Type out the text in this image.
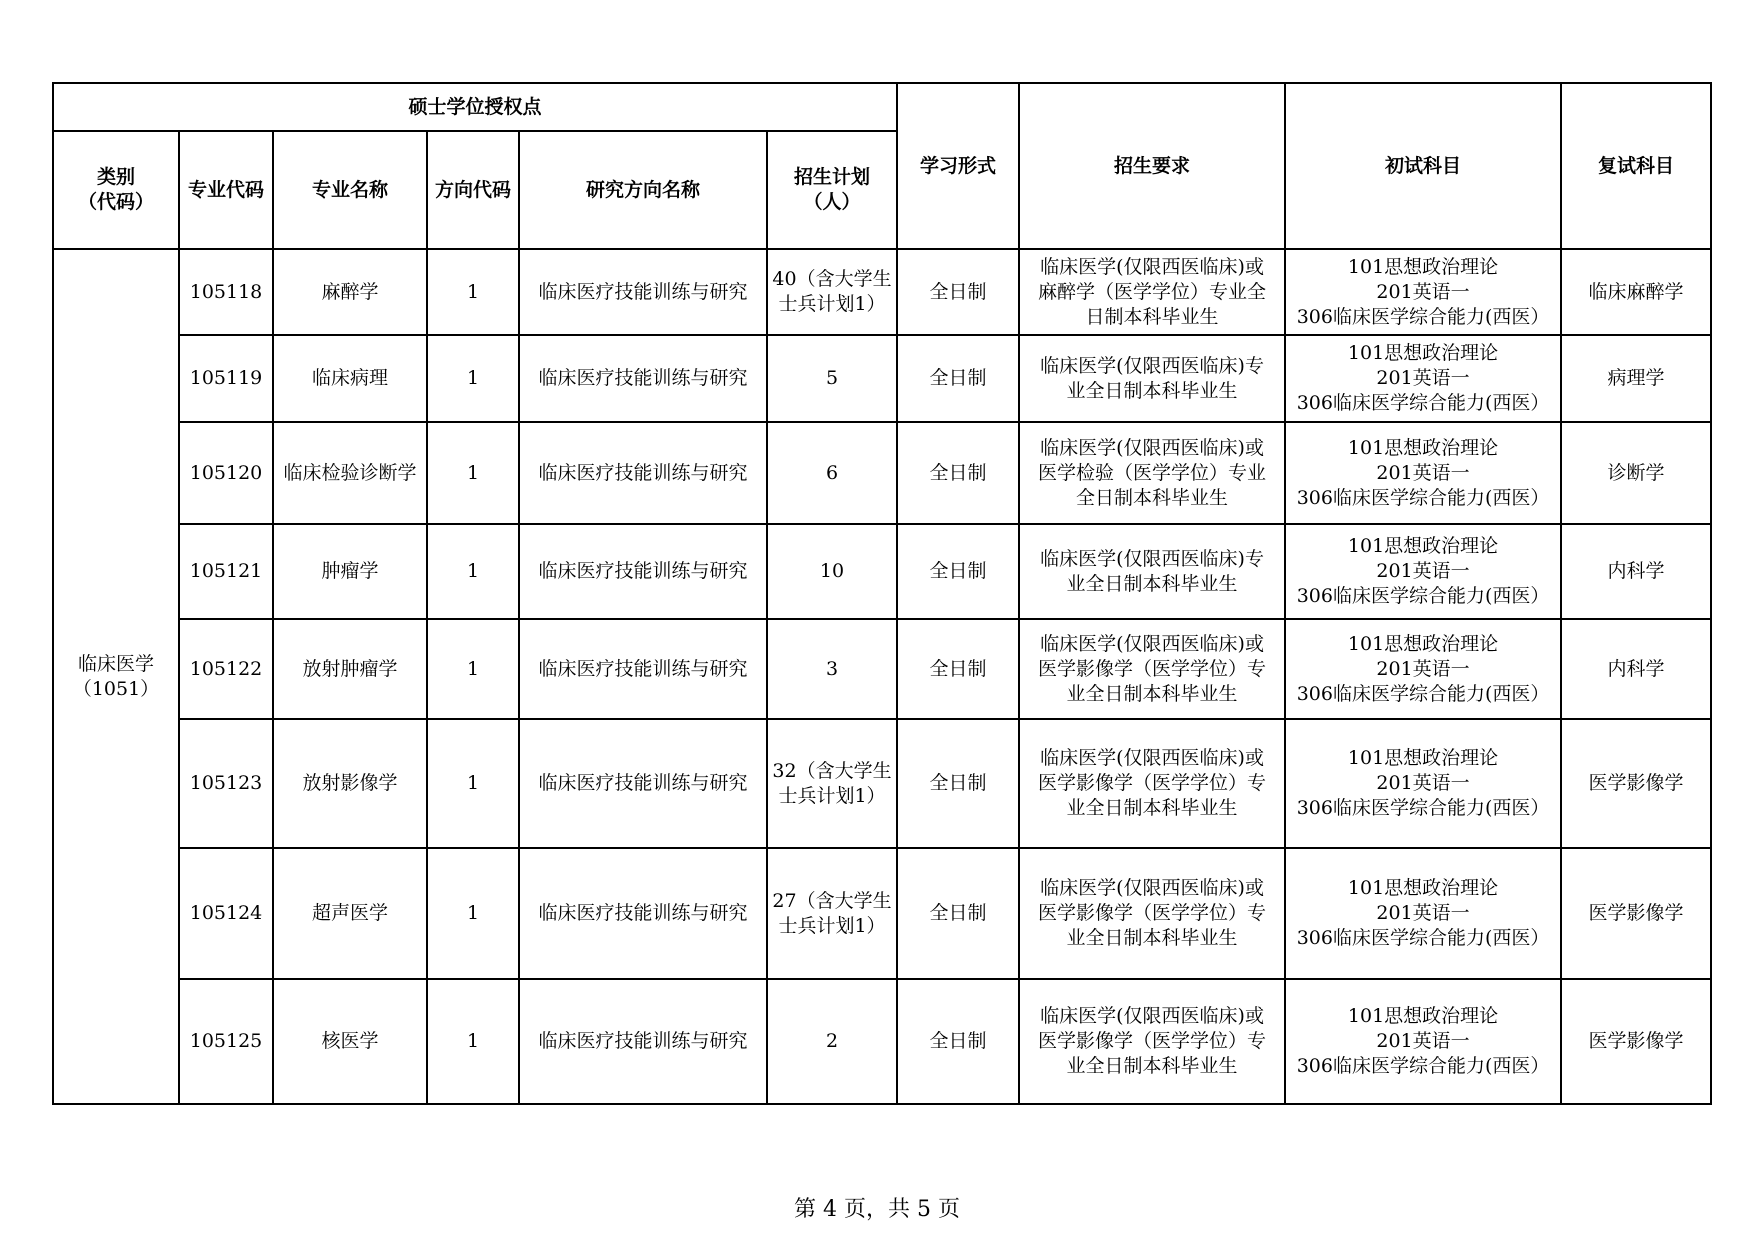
硕士学位授权点						学习形式	招生要求	初试科目	复试科目

类别
（代码）	专业代码	专业名称	方向代码	研究方向名称	招生计划
（人）				

临床医学
（1051）	105118	麻醉学	1	临床医疗技能训练与研究	40（含大学生
士兵计划1）	全日制	临床医学(仅限西医临床)或
麻醉学（医学学位）专业全
日制本科毕业生	101思想政治理论
201英语一
306临床医学综合能力(西医）	临床麻醉学
	105119	临床病理	1	临床医疗技能训练与研究	5	全日制	临床医学(仅限西医临床)专
业全日制本科毕业生	101思想政治理论
201英语一
306临床医学综合能力(西医）	病理学
	105120	临床检验诊断学	1	临床医疗技能训练与研究	6	全日制	临床医学(仅限西医临床)或
医学检验（医学学位）专业
全日制本科毕业生	101思想政治理论
201英语一
306临床医学综合能力(西医）	诊断学
	105121	肿瘤学	1	临床医疗技能训练与研究	10	全日制	临床医学(仅限西医临床)专
业全日制本科毕业生	101思想政治理论
201英语一
306临床医学综合能力(西医）	内科学
	105122	放射肿瘤学	1	临床医疗技能训练与研究	3	全日制	临床医学(仅限西医临床)或
医学影像学（医学学位）专
业全日制本科毕业生	101思想政治理论
201英语一
306临床医学综合能力(西医）	内科学
	105123	放射影像学	1	临床医疗技能训练与研究	32（含大学生
士兵计划1）	全日制	临床医学(仅限西医临床)或
医学影像学（医学学位）专
业全日制本科毕业生	101思想政治理论
201英语一
306临床医学综合能力(西医）	医学影像学
	105124	超声医学	1	临床医疗技能训练与研究	27（含大学生
士兵计划1）	全日制	临床医学(仅限西医临床)或
医学影像学（医学学位）专
业全日制本科毕业生	101思想政治理论
201英语一
306临床医学综合能力(西医）	医学影像学
	105125	核医学	1	临床医疗技能训练与研究	2	全日制	临床医学(仅限西医临床)或
医学影像学（医学学位）专
业全日制本科毕业生	101思想政治理论
201英语一
306临床医学综合能力(西医）	医学影像学
第 4 页，共 5 页
